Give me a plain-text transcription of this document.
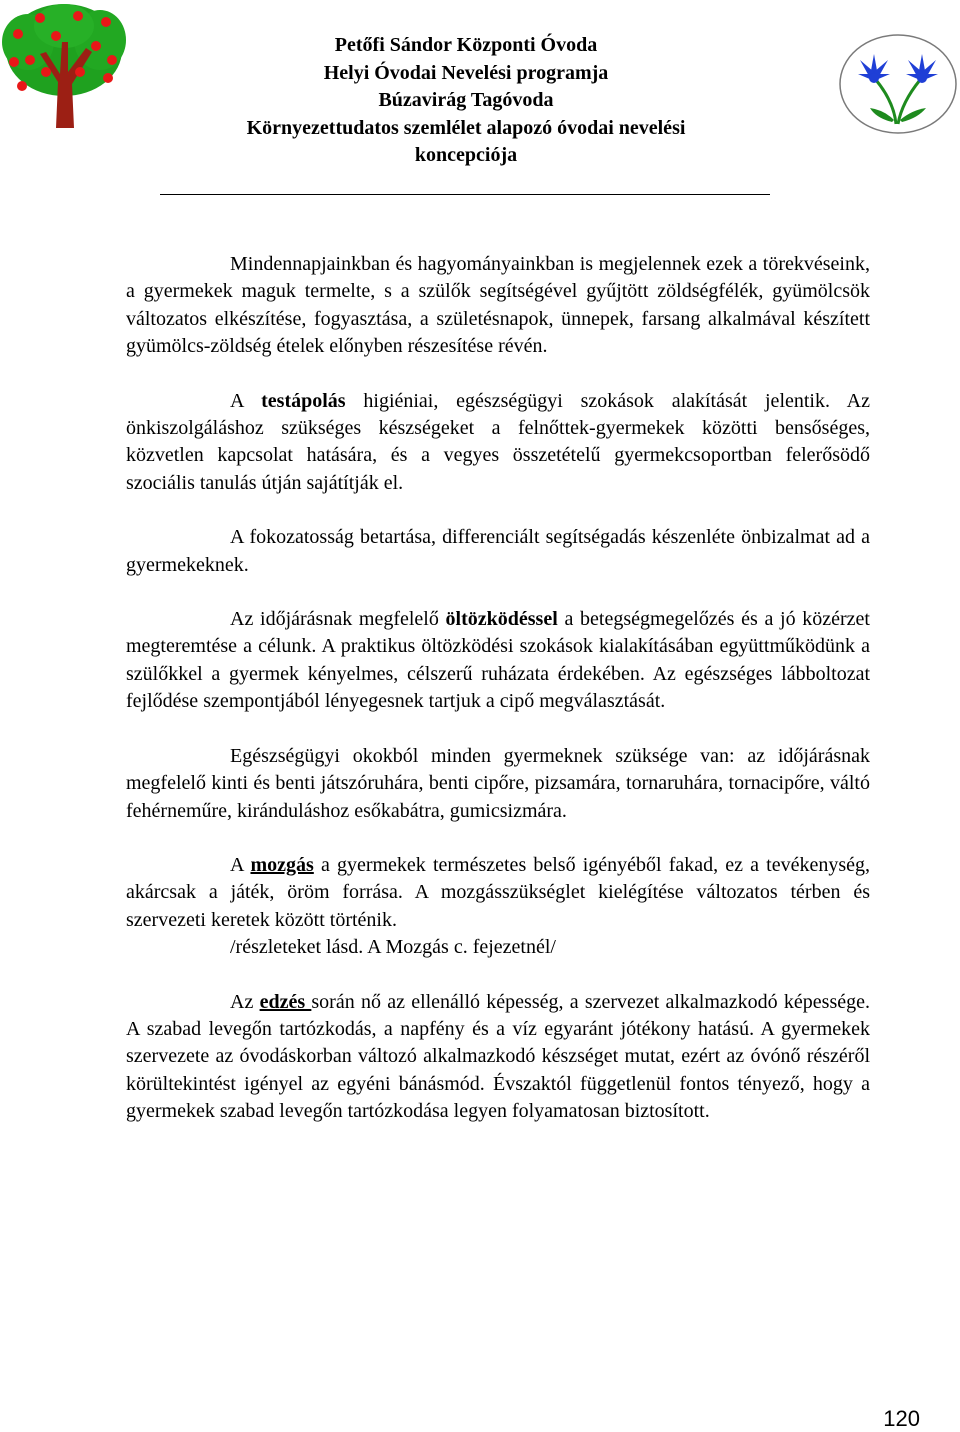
Petőfi Sándor Központi Óvoda
Helyi Óvodai Nevelési programja
Búzavirág Tagóvoda
Környezettudatos szemlélet alapozó óvodai nevelési
koncepciója

Mindennapjainkban és hagyományainkban is megjelennek ezek a törekvéseink, a gyermekek maguk termelte, s a szülők segítségével gyűjtött zöldségfélék, gyümölcsök változatos elkészítése, fogyasztása, a születésnapok, ünnepek, farsang alkalmával készített gyümölcs-zöldség ételek előnyben részesítése révén.

A testápolás higiéniai, egészségügyi szokások alakítását jelentik. Az önkiszolgáláshoz szükséges készségeket a felnőttek-gyermekek közötti bensőséges, közvetlen kapcsolat hatására, és a vegyes összetételű gyermekcsoportban felerősödő szociális tanulás útján sajátítják el.

A fokozatosság betartása, differenciált segítségadás készenléte önbizalmat ad a gyermekeknek.

Az időjárásnak megfelelő öltözködéssel a betegségmegelőzés és a jó közérzet megteremtése a célunk. A praktikus öltözködési szokások kialakításában együttműködünk a szülőkkel a gyermek kényelmes, célszerű ruházata érdekében. Az egészséges lábboltozat fejlődése szempontjából lényegesnek tartjuk a cipő megválasztását.

Egészségügyi okokból minden gyermeknek szüksége van: az időjárásnak megfelelő kinti és benti játszóruhára, benti cipőre, pizsamára, tornaruhára, tornacipőre, váltó fehérneműre, kiránduláshoz esőkabátra, gumicsizmára.

A mozgás a gyermekek természetes belső igényéből fakad, ez a tevékenység, akárcsak a játék, öröm forrása. A mozgásszükséglet kielégítése változatos térben és szervezeti keretek között történik.

/részleteket lásd. A Mozgás c. fejezetnél/

Az edzés során nő az ellenálló képesség, a szervezet alkalmazkodó képessége. A szabad levegőn tartózkodás, a napfény és a víz egyaránt jótékony hatású. A gyermekek szervezete az óvodáskorban változó alkalmazkodó készséget mutat, ezért az óvónő részéről körültekintést igényel az egyéni bánásmód. Évszaktól függetlenül fontos tényező, hogy a gyermekek szabad levegőn tartózkodása legyen folyamatosan biztosított.

120
